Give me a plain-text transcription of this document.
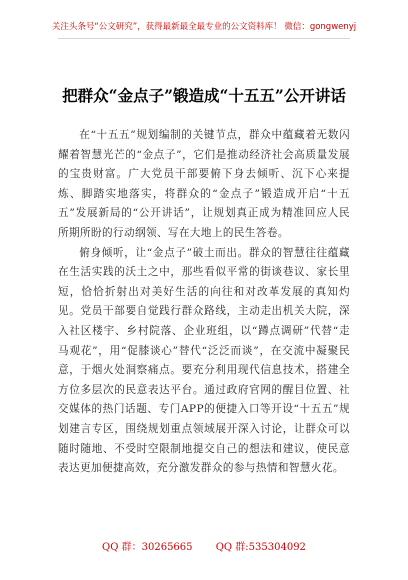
关注头条号“公文研究”，获得最新最全最专业的公文资料库！ 微信：gongwenyj
把群众“金点子”锻造成“十五五”公开讲话

在“十五五”规划编制的关键节点，群众中蕴藏着无数闪耀着智慧光芒的“金点子”，它们是推动经济社会高质量发展的宝贵财富。广大党员干部要俯下身去倾听、沉下心来提炼、脚踏实地落实，将群众的“金点子”锻造成开启“十五五”发展新局的“公开讲话”，让规划真正成为精准回应人民所期所盼的行动纲领、写在大地上的民生答卷。

俯身倾听，让“金点子”破土而出。群众的智慧往往蕴藏在生活实践的沃土之中，那些看似平常的街谈巷议、家长里短，恰恰折射出对美好生活的向往和对改革发展的真知灼见。党员干部要自觉践行群众路线，主动走出机关大院，深入社区楼宇、乡村院落、企业班组，以“蹲点调研”代替“走马观花”，用“促膝谈心”替代“泛泛而谈”，在交流中凝聚民意，于烟火处洞察痛点。要充分利用现代信息技术，搭建全方位多层次的民意表达平台。通过政府官网的醒目位置、社交媒体的热门话题、专门APP的便捷入口等开设“十五五”规划建言专区，围绕规划重点领域展开深入讨论，让群众可以随时随地、不受时空限制地提交自己的想法和建议，使民意表达更加便捷高效，充分激发群众的参与热情和智慧火花。

QQ 群：30265665 QQ 群:535304092
